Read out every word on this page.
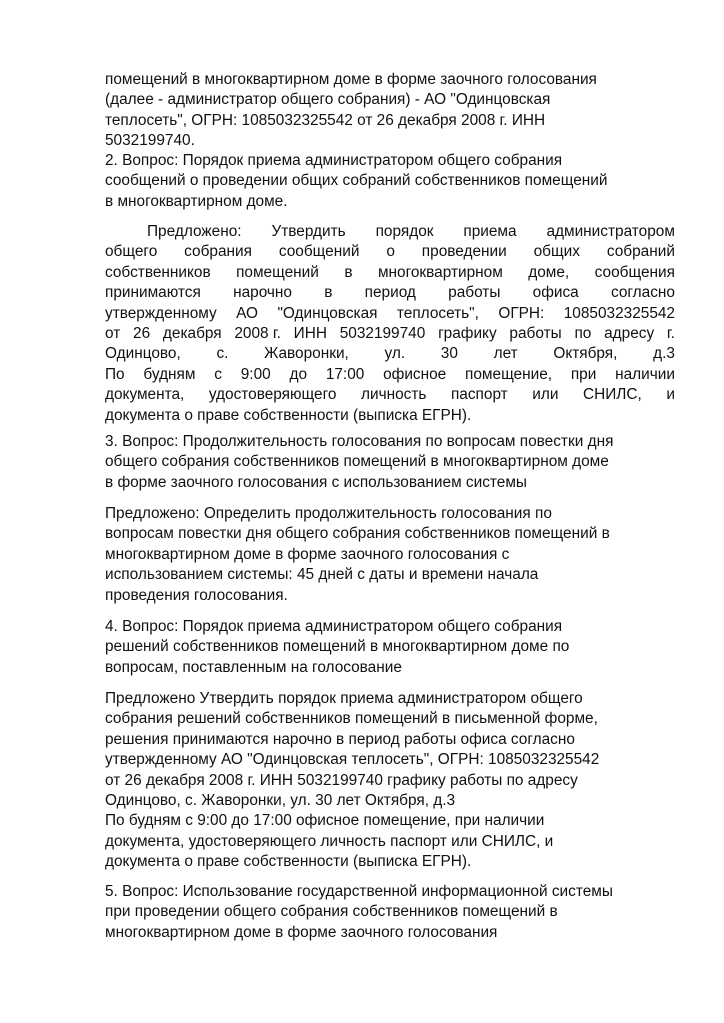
помещений в многоквартирном доме в форме заочного голосования
(далее - администратор общего собрания) - АО "Одинцовская
теплосеть", ОГРН: 1085032325542 от 26 декабря 2008 г. ИНН
5032199740.
2. Вопрос: Порядок приема администратором общего собрания
сообщений о проведении общих собраний собственников помещений
в многоквартирном доме.
Предложено: Утвердить порядок приема администратором
общего собрания сообщений о проведении общих собраний
собственников помещений в многоквартирном доме, сообщения
принимаются нарочно в период работы офиса согласно
утвержденному АО "Одинцовская теплосеть", ОГРН: 1085032325542
от 26 декабря 2008 г. ИНН 5032199740 графику работы по адресу г.
Одинцово, с. Жаворонки, ул. 30 лет Октября, д.3
По будням с 9:00 до 17:00 офисное помещение, при наличии
документа, удостоверяющего личность паспорт или СНИЛС, и
документа о праве собственности (выписка ЕГРН).
3. Вопрос: Продолжительность голосования по вопросам повестки дня
общего собрания собственников помещений в многоквартирном доме
в форме заочного голосования с использованием системы
Предложено: Определить продолжительность голосования по
вопросам повестки дня общего собрания собственников помещений в
многоквартирном доме в форме заочного голосования с
использованием системы: 45 дней с даты и времени начала
проведения голосования.
4. Вопрос: Порядок приема администратором общего собрания
решений собственников помещений в многоквартирном доме по
вопросам, поставленным на голосование
Предложено Утвердить порядок приема администратором общего
собрания решений собственников помещений в письменной форме,
решения принимаются нарочно в период работы офиса согласно
утвержденному АО "Одинцовская теплосеть", ОГРН: 1085032325542
от 26 декабря 2008 г. ИНН 5032199740 графику работы по адресу
Одинцово, с. Жаворонки, ул. 30 лет Октября, д.3
По будням с 9:00 до 17:00 офисное помещение, при наличии
документа, удостоверяющего личность паспорт или СНИЛС, и
документа о праве собственности (выписка ЕГРН).
5. Вопрос: Использование государственной информационной системы
при проведении общего собрания собственников помещений в
многоквартирном доме в форме заочного голосования
